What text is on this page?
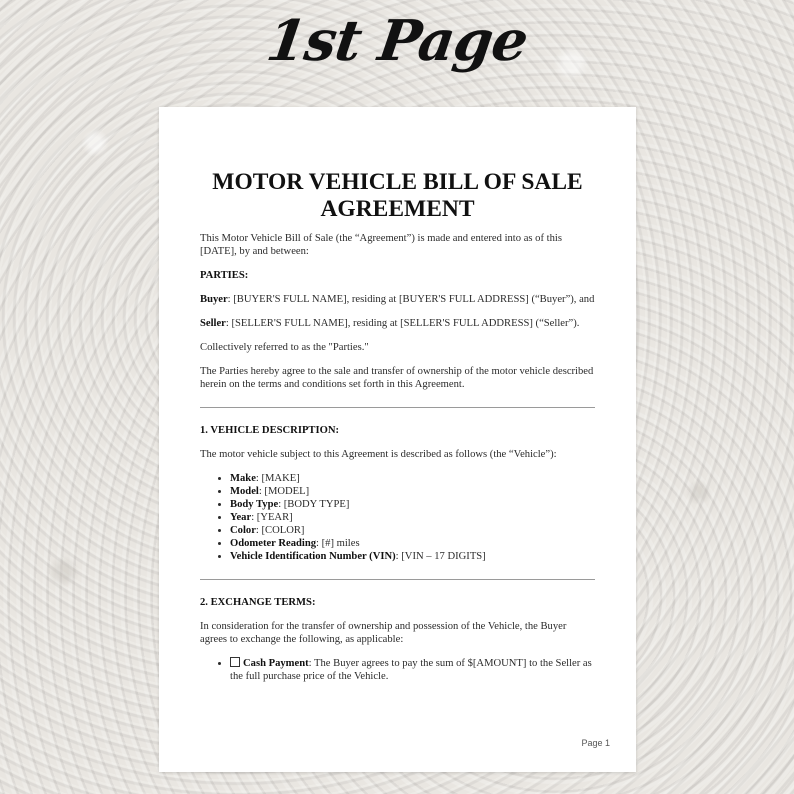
1st Page
MOTOR VEHICLE BILL OF SALE
AGREEMENT

This Motor Vehicle Bill of Sale (the “Agreement”) is made and entered into as of this [DATE], by and between:

PARTIES:

Buyer: [BUYER'S FULL NAME], residing at [BUYER'S FULL ADDRESS] (“Buyer”), and

Seller: [SELLER'S FULL NAME], residing at [SELLER'S FULL ADDRESS] (“Seller”).

Collectively referred to as the "Parties."

The Parties hereby agree to the sale and transfer of ownership of the motor vehicle described herein on the terms and conditions set forth in this Agreement.

1. VEHICLE DESCRIPTION:

The motor vehicle subject to this Agreement is described as follows (the “Vehicle”):

• Make: [MAKE]
• Model: [MODEL]
• Body Type: [BODY TYPE]
• Year: [YEAR]
• Color: [COLOR]
• Odometer Reading: [#] miles
• Vehicle Identification Number (VIN): [VIN – 17 DIGITS]

2. EXCHANGE TERMS:

In consideration for the transfer of ownership and possession of the Vehicle, the Buyer agrees to exchange the following, as applicable:

• Cash Payment: The Buyer agrees to pay the sum of $[AMOUNT] to the Seller as the full purchase price of the Vehicle.
Page 1
